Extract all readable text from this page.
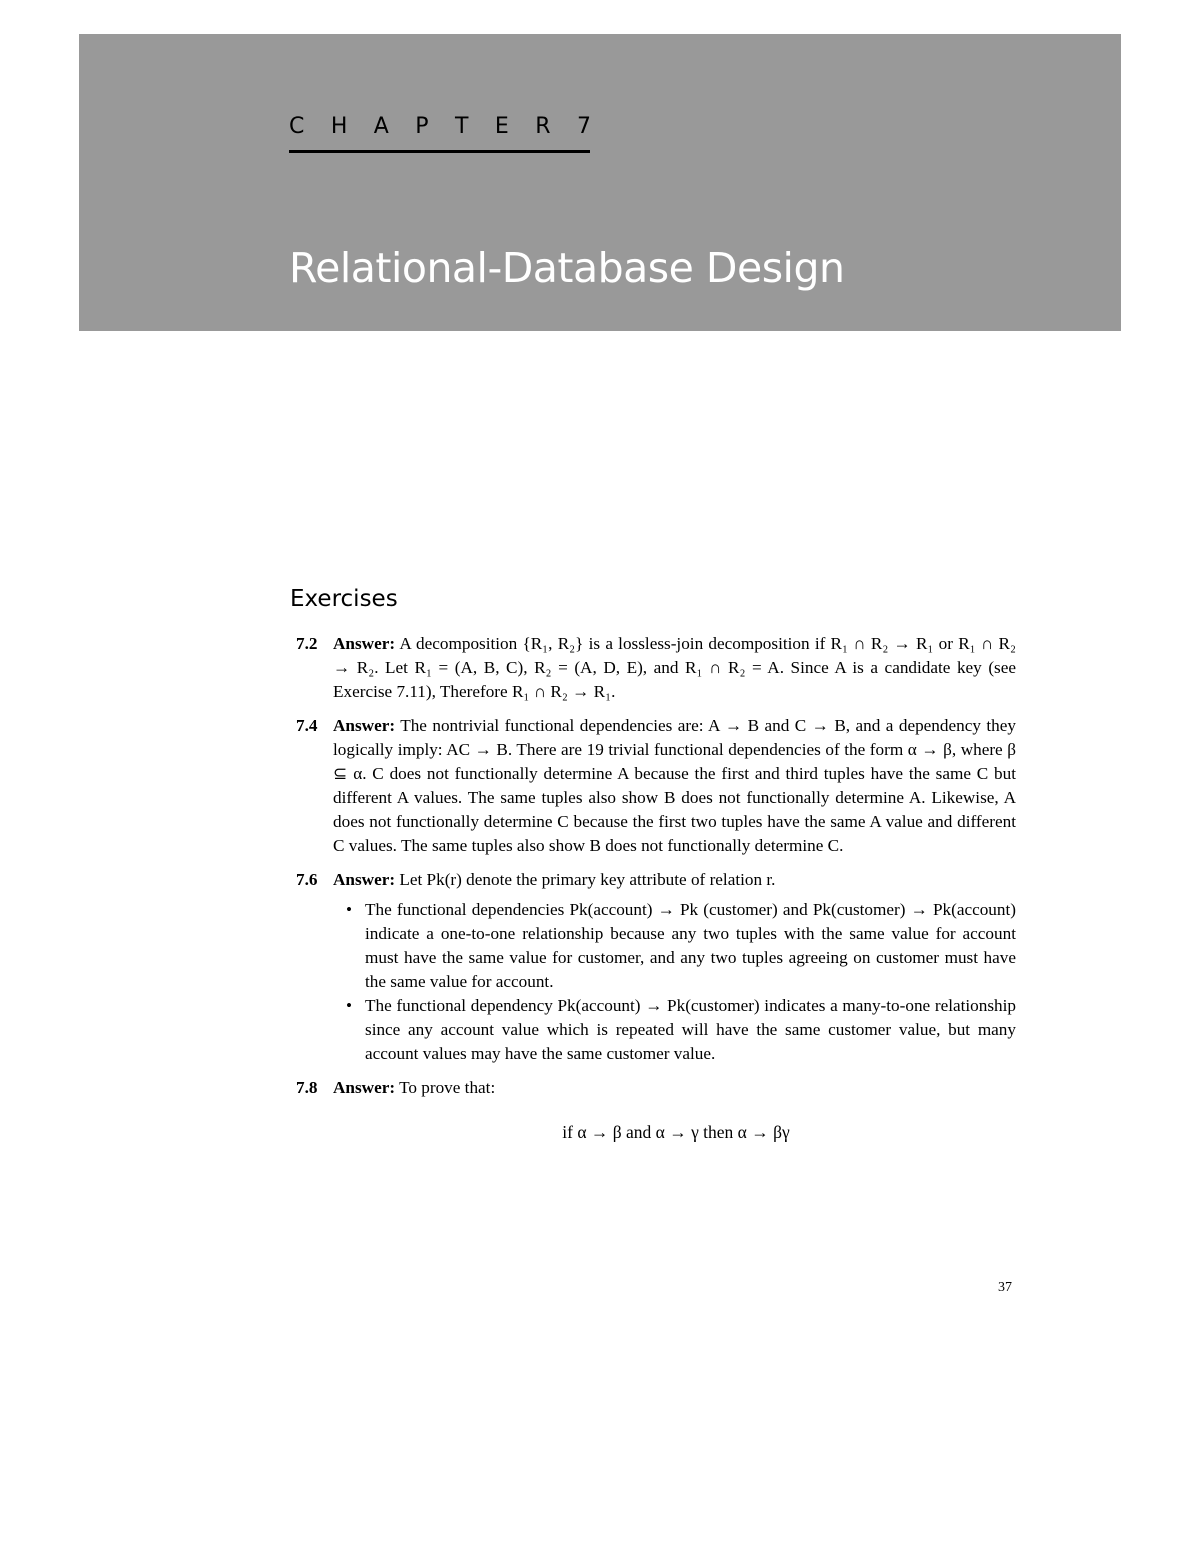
C H A P T E R 7
Relational-Database Design
Exercises
7.2 Answer: A decomposition {R₁, R₂} is a lossless-join decomposition if R₁ ∩ R₂ → R₁ or R₁ ∩ R₂ → R₂. Let R₁ = (A, B, C), R₂ = (A, D, E), and R₁ ∩ R₂ = A. Since A is a candidate key (see Exercise 7.11), Therefore R₁ ∩ R₂ → R₁.
7.4 Answer: The nontrivial functional dependencies are: A → B and C → B, and a dependency they logically imply: AC → B. There are 19 trivial functional dependencies of the form α → β, where β ⊆ α. C does not functionally determine A because the first and third tuples have the same C but different A values. The same tuples also show B does not functionally determine A. Likewise, A does not functionally determine C because the first two tuples have the same A value and different C values. The same tuples also show B does not functionally determine C.
7.6 Answer: Let Pk(r) denote the primary key attribute of relation r.
• The functional dependencies Pk(account) → Pk (customer) and Pk(customer) → Pk(account) indicate a one-to-one relationship because any two tuples with the same value for account must have the same value for customer, and any two tuples agreeing on customer must have the same value for account.
• The functional dependency Pk(account) → Pk(customer) indicates a many-to-one relationship since any account value which is repeated will have the same customer value, but many account values may have the same customer value.
7.8 Answer: To prove that:
if α → β and α → γ then α → βγ
37
